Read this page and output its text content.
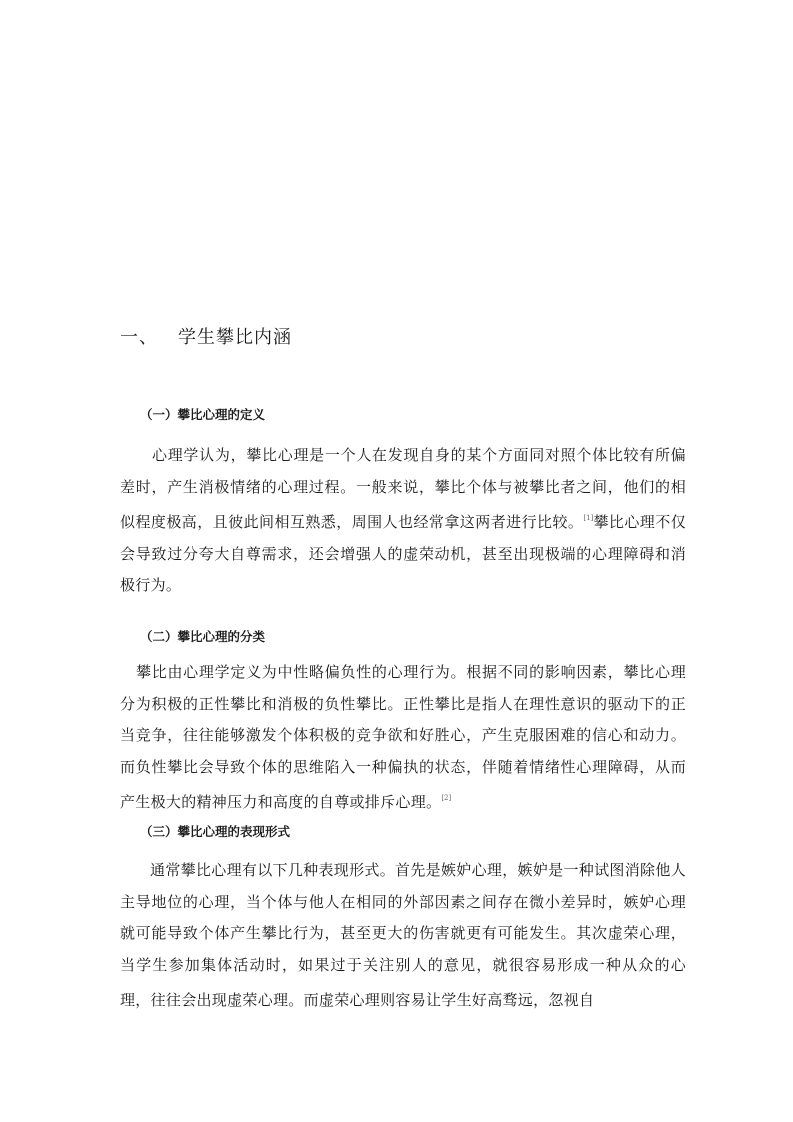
一、 学生攀比内涵
（一）攀比心理的定义
心理学认为，攀比心理是一个人在发现自身的某个方面同对照个体比较有所偏差时，产生消极情绪的心理过程。一般来说，攀比个体与被攀比者之间，他们的相似程度极高，且彼此间相互熟悉，周围人也经常拿这两者进行比较。[1]攀比心理不仅会导致过分夸大自尊需求，还会增强人的虚荣动机，甚至出现极端的心理障碍和消极行为。
（二）攀比心理的分类
攀比由心理学定义为中性略偏负性的心理行为。根据不同的影响因素，攀比心理分为积极的正性攀比和消极的负性攀比。正性攀比是指人在理性意识的驱动下的正当竞争，往往能够激发个体积极的竞争欲和好胜心，产生克服困难的信心和动力。而负性攀比会导致个体的思维陷入一种偏执的状态，伴随着情绪性心理障碍，从而产生极大的精神压力和高度的自尊或排斥心理。[2]
（三）攀比心理的表现形式
通常攀比心理有以下几种表现形式。首先是嫉妒心理，嫉妒是一种试图消除他人主导地位的心理，当个体与他人在相同的外部因素之间存在微小差异时，嫉妒心理就可能导致个体产生攀比行为，甚至更大的伤害就更有可能发生。其次虚荣心理，当学生参加集体活动时，如果过于关注别人的意见，就很容易形成一种从众的心理，往往会出现虚荣心理。而虚荣心理则容易让学生好高骛远，忽视自
